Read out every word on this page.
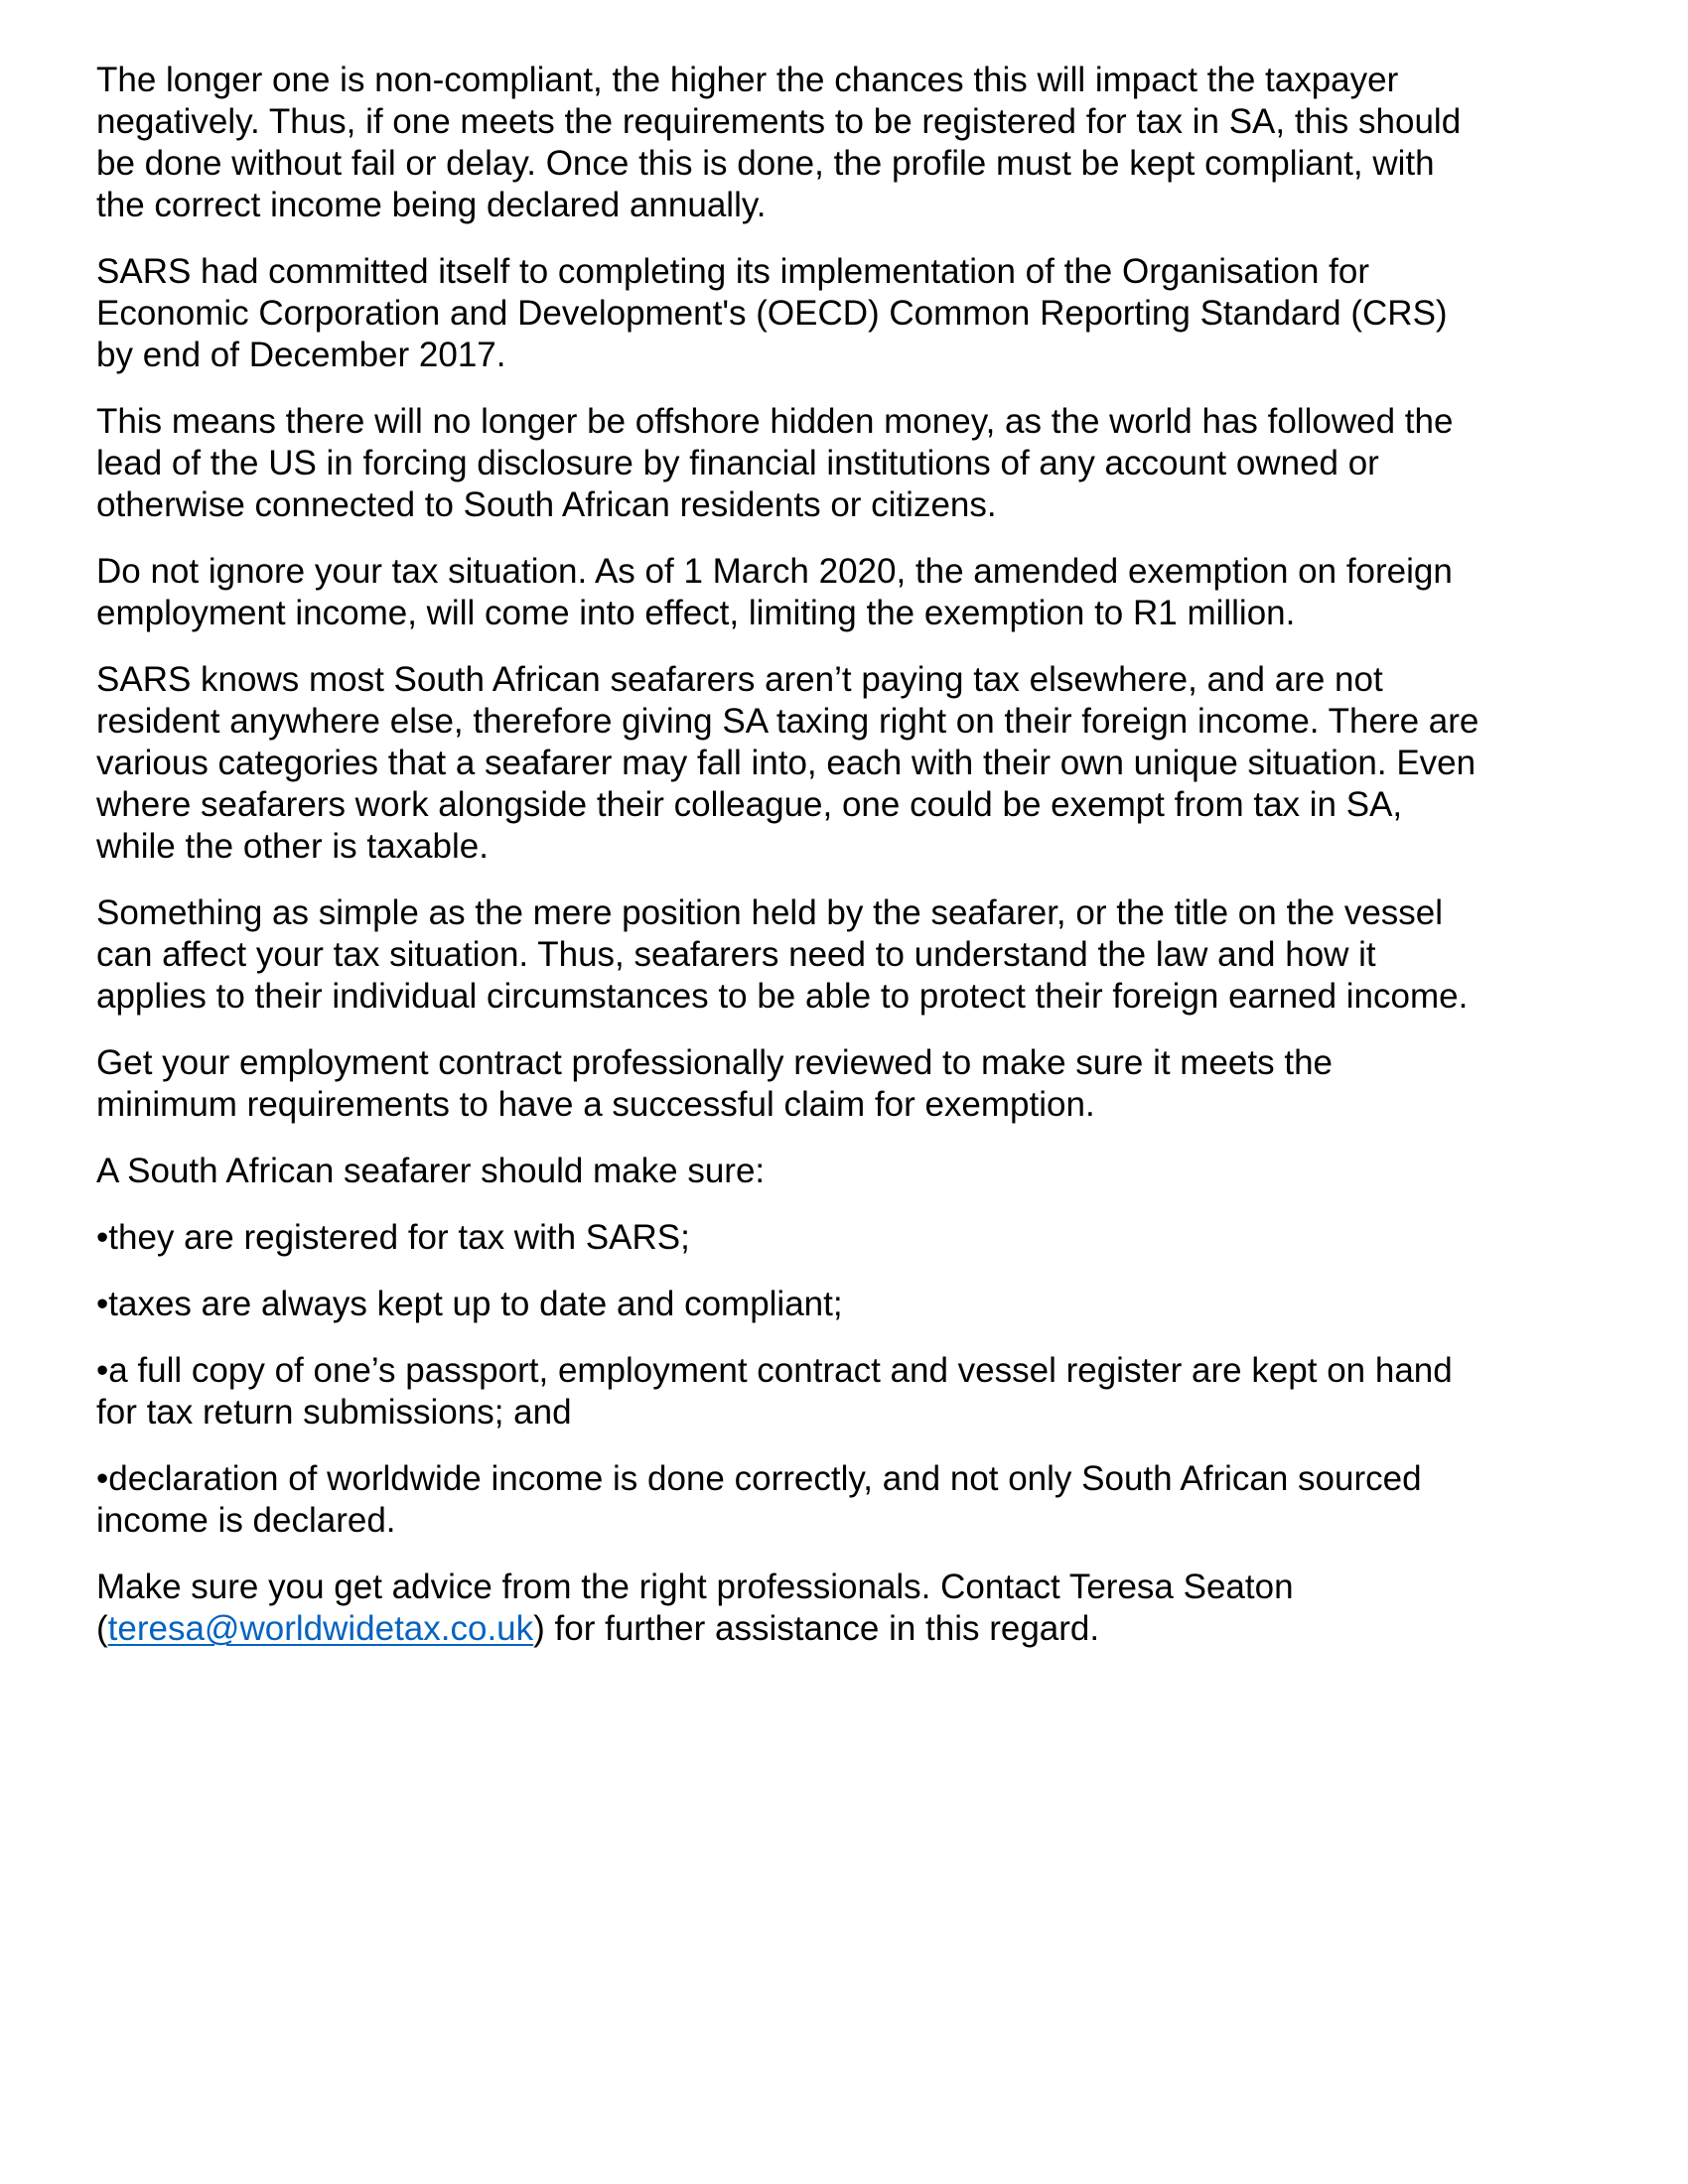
The longer one is non-compliant, the higher the chances this will impact the taxpayer
negatively. Thus, if one meets the requirements to be registered for tax in SA, this should
be done without fail or delay. Once this is done, the profile must be kept compliant, with
the correct income being declared annually.

SARS had committed itself to completing its implementation of the Organisation for
Economic Corporation and Development's (OECD) Common Reporting Standard (CRS)
by end of December 2017.

This means there will no longer be offshore hidden money, as the world has followed the
lead of the US in forcing disclosure by financial institutions of any account owned or
otherwise connected to South African residents or citizens.

Do not ignore your tax situation. As of 1 March 2020, the amended exemption on foreign
employment income, will come into effect, limiting the exemption to R1 million.

SARS knows most South African seafarers aren’t paying tax elsewhere, and are not
resident anywhere else, therefore giving SA taxing right on their foreign income. There are
various categories that a seafarer may fall into, each with their own unique situation. Even
where seafarers work alongside their colleague, one could be exempt from tax in SA,
while the other is taxable.

Something as simple as the mere position held by the seafarer, or the title on the vessel
can affect your tax situation. Thus, seafarers need to understand the law and how it
applies to their individual circumstances to be able to protect their foreign earned income.

Get your employment contract professionally reviewed to make sure it meets the
minimum requirements to have a successful claim for exemption.

A South African seafarer should make sure:

•they are registered for tax with SARS;

•taxes are always kept up to date and compliant;

•a full copy of one’s passport, employment contract and vessel register are kept on hand
for tax return submissions; and

•declaration of worldwide income is done correctly, and not only South African sourced
income is declared.

Make sure you get advice from the right professionals. Contact Teresa Seaton
(teresa@worldwidetax.co.uk) for further assistance in this regard.
